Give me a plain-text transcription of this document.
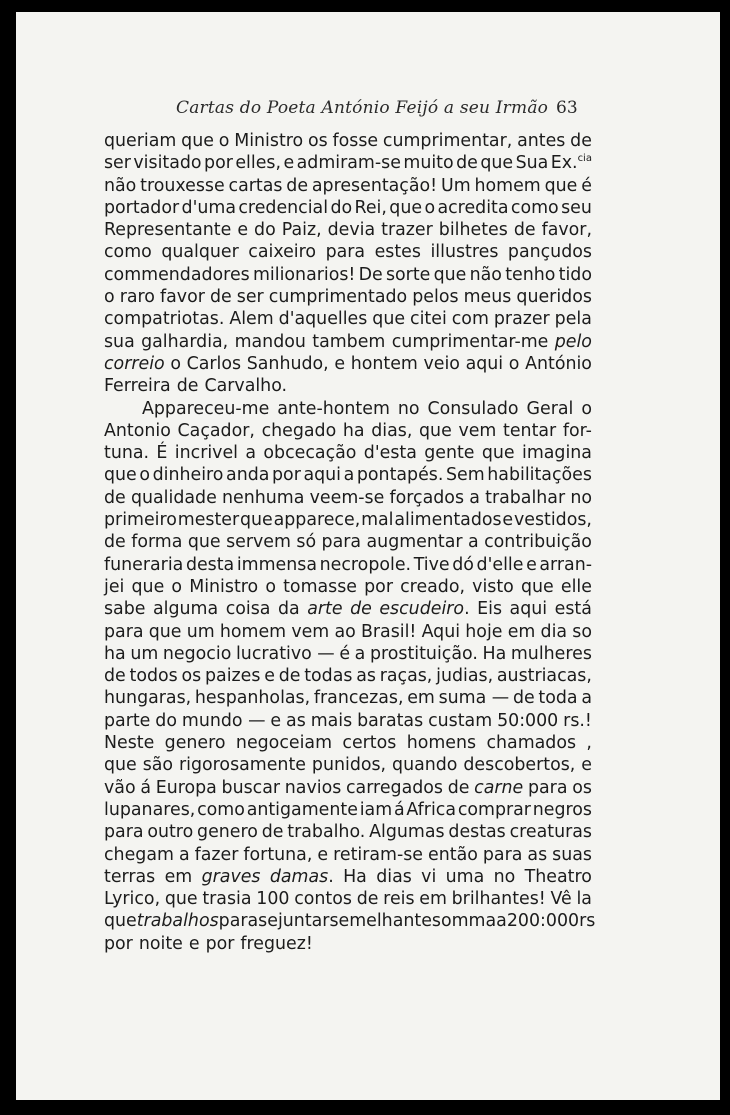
Cartas do Poeta António Feijó a seu Irmão 63
queriam que o Ministro os fosse cumprimentar, antes de
ser visitado por elles, e admiram-se muito de que Sua Ex.$^{cia}$
não trouxesse cartas de apresentação! Um homem que é
portador d'uma credencial do Rei, que o acredita como seu
Representante e do Paiz, devia trazer bilhetes de favor,
como qualquer caixeiro para estes illustres pançudos
commendadores milionarios! De sorte que não tenho tido
o raro favor de ser cumprimentado pelos meus queridos
compatriotas. Alem d'aquelles que citei com prazer pela
sua galhardia, mandou tambem cumprimentar-me pelo
correio o Carlos Sanhudo, e hontem veio aqui o António
Ferreira de Carvalho.
Appareceu-me ante-hontem no Consulado Geral o
Antonio Caçador, chegado ha dias, que vem tentar for-
tuna. É incrivel a obcecação d'esta gente que imagina
que o dinheiro anda por aqui a pontapés. Sem habilitações
de qualidade nenhuma veem-se forçados a trabalhar no
primeiro mester que apparece, mal alimentados e vestidos,
de forma que servem só para augmentar a contribuição
funeraria desta immensa necropole. Tive dó d'elle e arran-
jei que o Ministro o tomasse por creado, visto que elle
sabe alguma coisa da arte de escudeiro. Eis aqui está
para que um homem vem ao Brasil! Aqui hoje em dia so
ha um negocio lucrativo — é a prostituição. Ha mulheres
de todos os paizes e de todas as raças, judias, austriacas,
hungaras, hespanholas, francezas, em suma — de toda a
parte do mundo — e as mais baratas custam 50:000 rs.!
Neste genero negoceiam certos homens chamados ,
que são rigorosamente punidos, quando descobertos, e
vão á Europa buscar navios carregados de carne para os
lupanares, como antigamente iam á Africa comprar negros
para outro genero de trabalho. Algumas destas creaturas
chegam a fazer fortuna, e retiram-se então para as suas
terras em graves damas. Ha dias vi uma no Theatro
Lyrico, que trasia 100 contos de reis em brilhantes! Vê la
que trabalhos para se juntar semelhante somma a 200:000 rs
por noite e por freguez!
